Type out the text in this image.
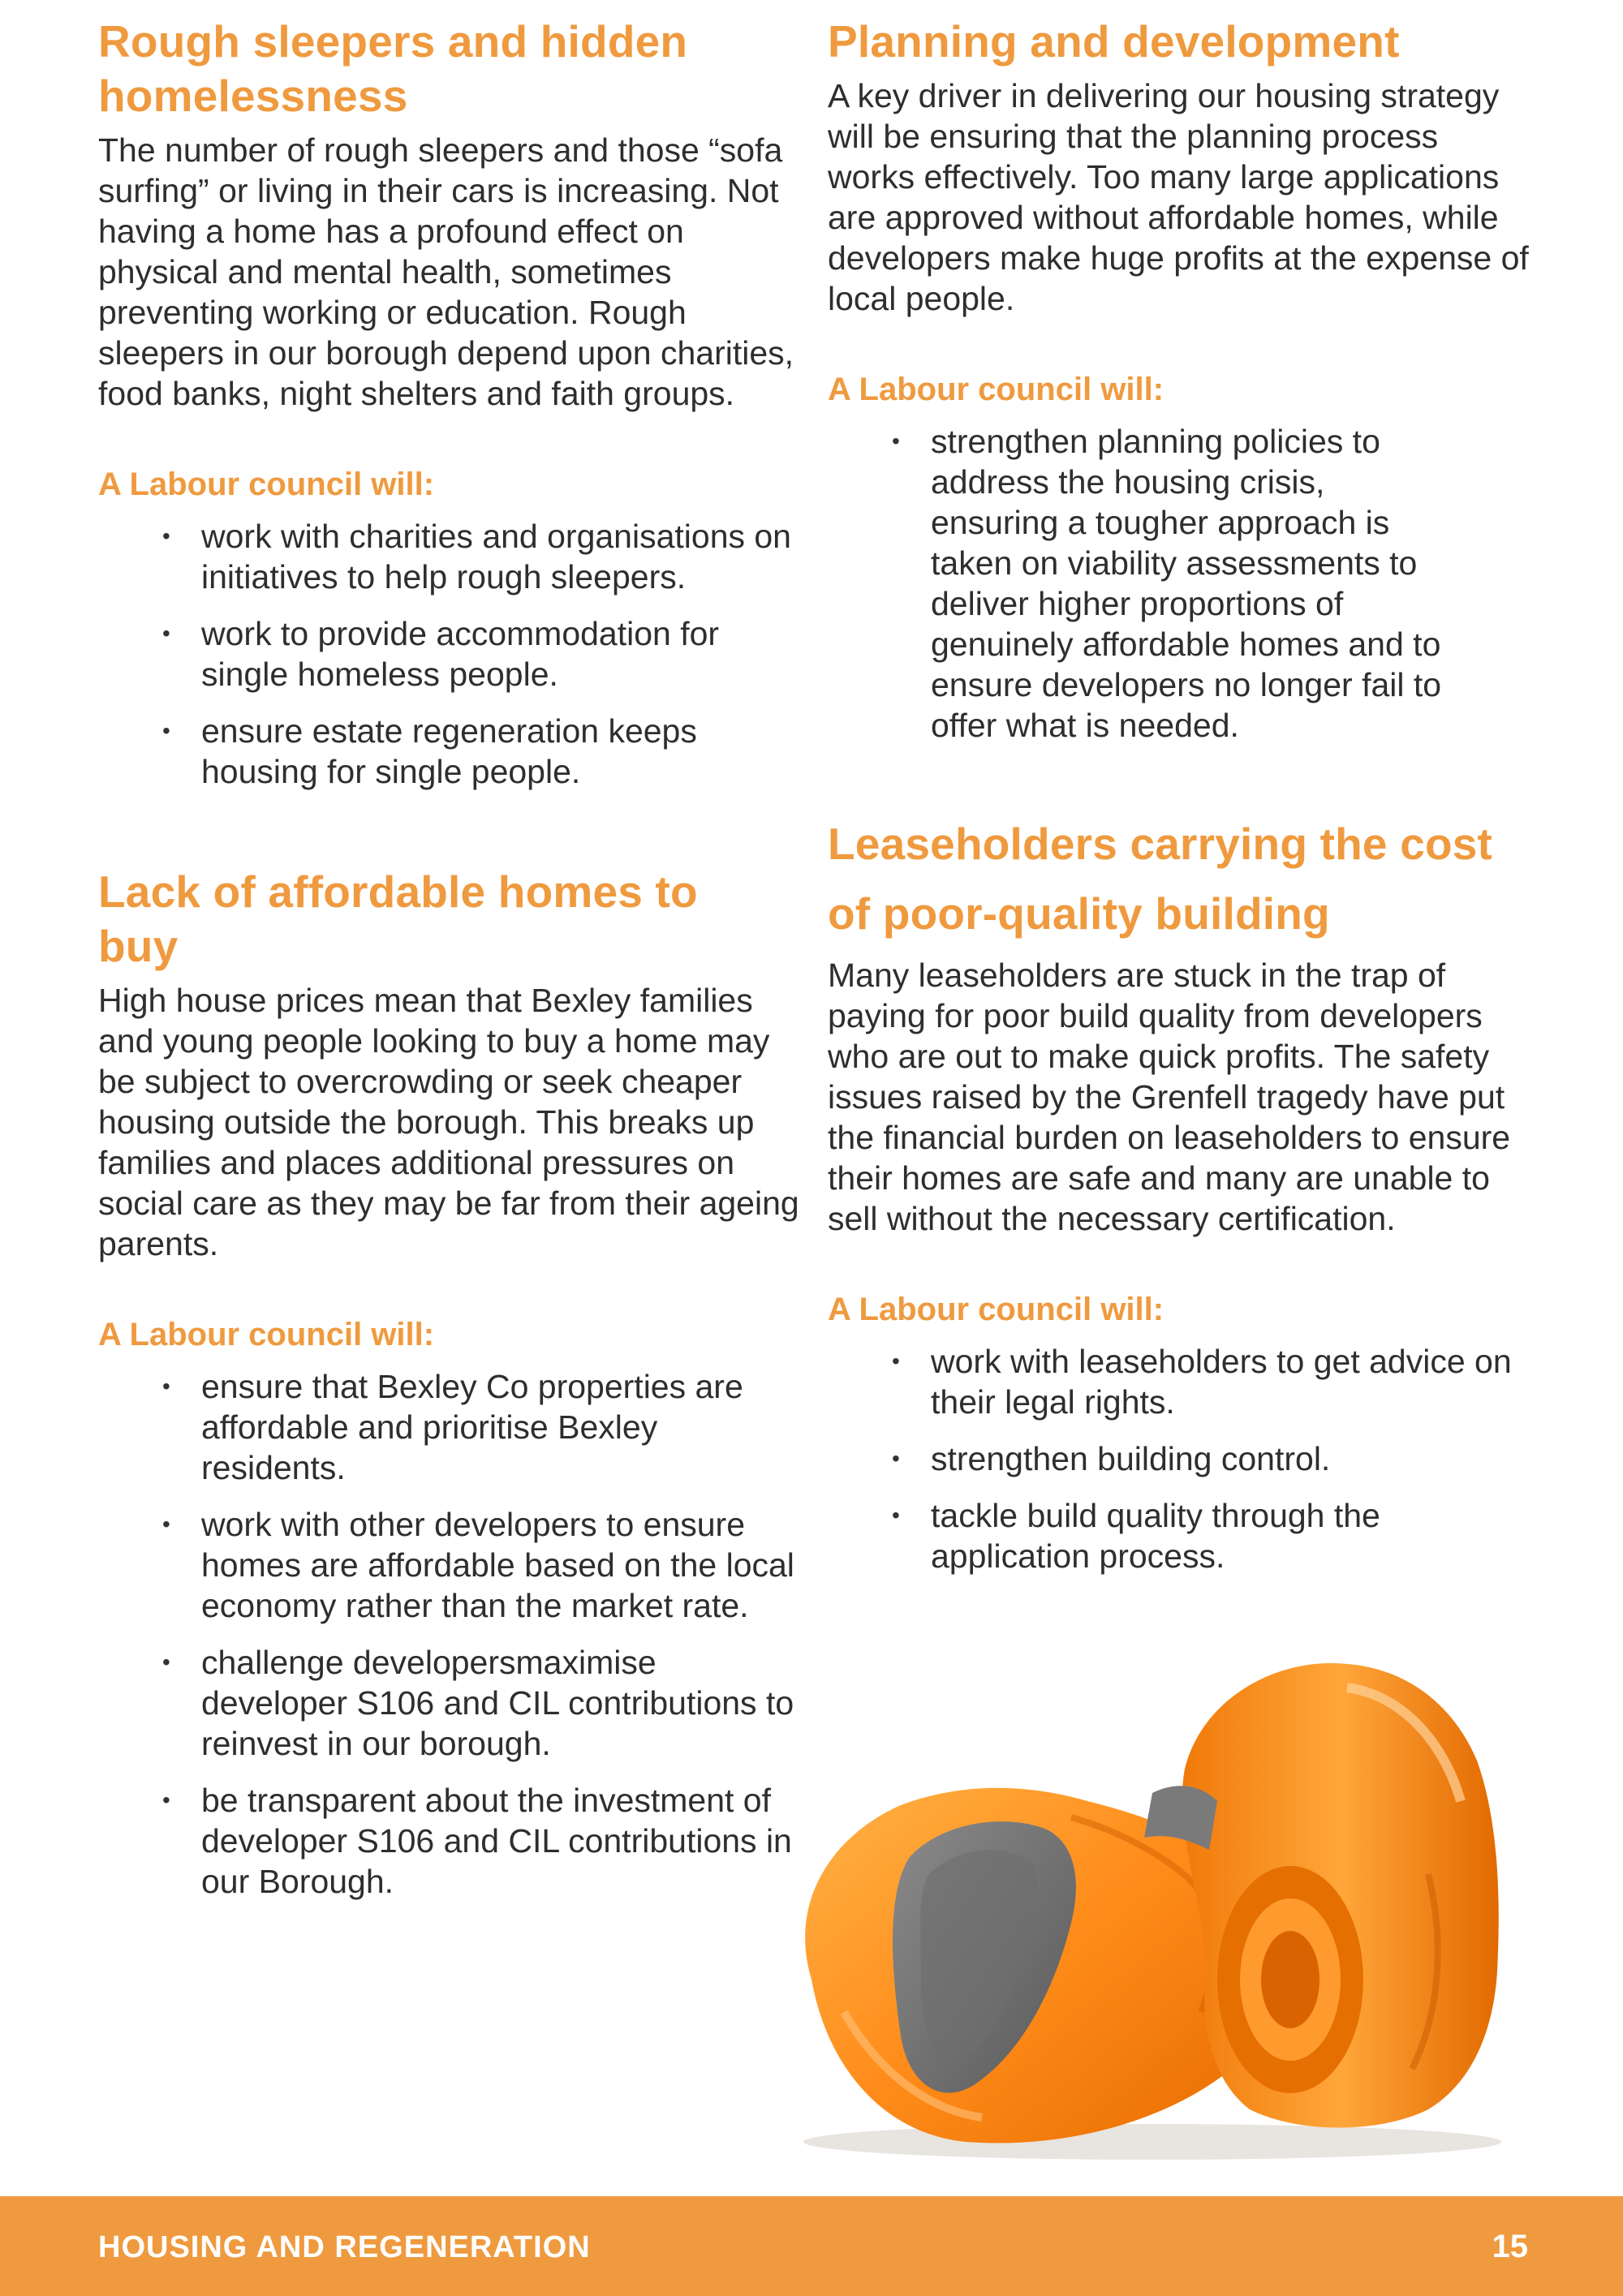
Rough sleepers and hidden homelessness

The number of rough sleepers and those “sofa surfing” or living in their cars is increasing. Not having a home has a profound effect on physical and mental health, sometimes preventing working or education. Rough sleepers in our borough depend upon charities, food banks, night shelters and faith groups.

A Labour council will:

• work with charities and organisations on initiatives to help rough sleepers.
• work to provide accommodation for single homeless people.
• ensure estate regeneration keeps housing for single people.
Lack of affordable homes to buy

High house prices mean that Bexley families and young people looking to buy a home may be subject to overcrowding or seek cheaper housing outside the borough. This breaks up families and places additional pressures on social care as they may be far from their ageing parents.

A Labour council will:

• ensure that Bexley Co properties are affordable and prioritise Bexley residents.
• work with other developers to ensure homes are affordable based on the local economy rather than the market rate.
• challenge developersmaximise developer S106 and CIL contributions to reinvest in our borough.
• be transparent about the investment of developer S106 and CIL contributions in our Borough.
Planning and development

A key driver in delivering our housing strategy will be ensuring that the planning process works effectively. Too many large applications are approved without affordable homes, while developers make huge profits at the expense of local people.

A Labour council will:

• strengthen planning policies to address the housing crisis, ensuring a tougher approach is taken on viability assessments to deliver higher proportions of genuinely affordable homes and to ensure developers no longer fail to offer what is needed.
Leaseholders carrying the cost of poor-quality building

Many leaseholders are stuck in the trap of paying for poor build quality from developers who are out to make quick profits. The safety issues raised by the Grenfell tragedy have put the financial burden on leaseholders to ensure their homes are safe and many are unable to sell without the necessary certification.

A Labour council will:

• work with leaseholders to get advice on their legal rights.
• strengthen building control.
• tackle build quality through the application process.
HOUSING AND REGENERATION	15
